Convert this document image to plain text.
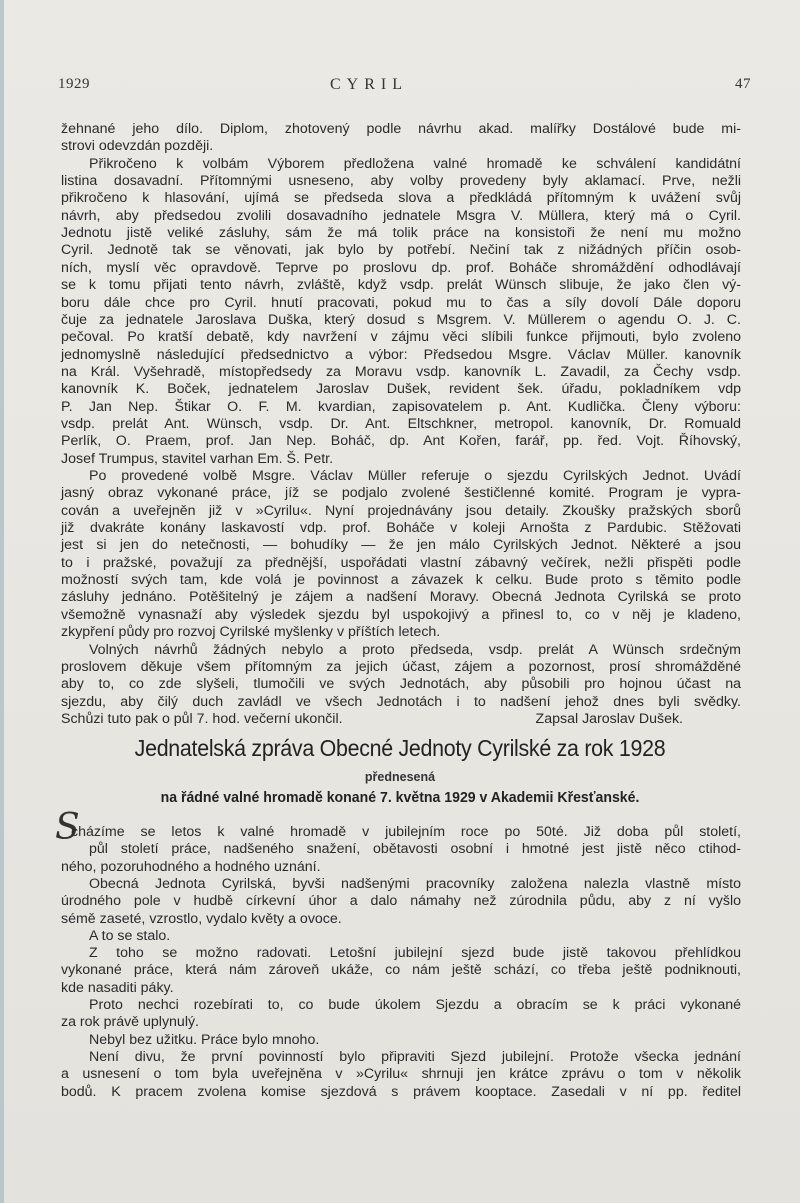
1929	CYRIL	47
žehnané jeho dílo. Diplom, zhotovený podle návrhu akad. malířky Dostálové bude mi-
strovi odevzdán později.
Přikročeno k volbám Výborem předložena valné hromadě ke schválení kandidátní
listina dosavadní. Přítomnými usneseno, aby volby provedeny byly aklamací. Prve, nežli
přikročeno k hlasování, ujímá se předseda slova a předkládá přítomným k uvážení svůj
návrh, aby předsedou zvolili dosavadního jednatele Msgra V. Müllera, který má o Cyril.
Jednotu jistě veliké zásluhy, sám že má tolik práce na konsistoři že není mu možno
Cyril. Jednotě tak se věnovati, jak bylo by potřebí. Nečiní tak z nižádných příčin osob-
ních, myslí věc opravdově. Teprve po proslovu dp. prof. Boháče shromáždění odhodlávají
se k tomu přijati tento návrh, zvláště, když vsdp. prelát Wünsch slibuje, že jako člen vý-
boru dále chce pro Cyril. hnutí pracovati, pokud mu to čas a síly dovolí Dále doporu
čuje za jednatele Jaroslava Duška, který dosud s Msgrem. V. Müllerem o agendu O. J. C.
pečoval. Po kratší debatě, kdy navržení v zájmu věci slíbili funkce přijmouti, bylo zvoleno
jednomyslně následující předsednictvo a výbor: Předsedou Msgre. Václav Müller. kanovník
na Král. Vyšehradě, místopředsedy za Moravu vsdp. kanovník L. Zavadil, za Čechy vsdp.
kanovník K. Boček, jednatelem Jaroslav Dušek, revident šek. úřadu, pokladníkem vdp
P. Jan Nep. Štikar O. F. M. kvardian, zapisovatelem p. Ant. Kudlička. Členy výboru:
vsdp. prelát Ant. Wünsch, vsdp. Dr. Ant. Eltschkner, metropol. kanovník, Dr. Romuald
Perlík, O. Praem, prof. Jan Nep. Boháč, dp. Ant Kořen, farář, pp. řed. Vojt. Říhovský,
Josef Trumpus, stavitel varhan Em. Š. Petr.
Po provedené volbě Msgre. Václav Müller referuje o sjezdu Cyrilských Jednot. Uvádí
jasný obraz vykonané práce, jíž se podjalo zvolené šestičlenné komité. Program je vypra-
cován a uveřejněn již v »Cyrilu«. Nyní projednávány jsou detaily. Zkoušky pražských sborů
již dvakráte konány laskavostí vdp. prof. Boháče v koleji Arnošta z Pardubic. Stěžovati
jest si jen do netečnosti, — bohudíky — že jen málo Cyrilských Jednot. Některé a jsou
to i pražské, považují za přednější, uspořádati vlastní zábavný večírek, nežli přispěti podle
možností svých tam, kde volá je povinnost a závazek k celku. Bude proto s těmito podle
zásluhy jednáno. Potěšitelný je zájem a nadšení Moravy. Obecná Jednota Cyrilská se proto
všemožně vynasnaží aby výsledek sjezdu byl uspokojivý a přinesl to, co v něj je kladeno,
zkypření půdy pro rozvoj Cyrilské myšlenky v příštích letech.
Volných návrhů žádných nebylo a proto předseda, vsdp. prelát A Wünsch srdečným
proslovem děkuje všem přítomným za jejich účast, zájem a pozornost, prosí shromážděné
aby to, co zde slyšeli, tlumočili ve svých Jednotách, aby působili pro hojnou účast na
sjezdu, aby čilý duch zavládl ve všech Jednotách i to nadšení jehož dnes byli svědky.
Schůzi tuto pak o půl 7. hod. večerní ukončil.	Zapsal Jaroslav Dušek.
Jednatelská zpráva Obecné Jednoty Cyrilské za rok 1928
přednesená
na řádné valné hromadě konané 7. května 1929 v Akademii Křesťanské.
S
cházíme se letos k valné hromadě v jubilejním roce po 50té. Již doba půl století,
půl století práce, nadšeného snažení, obětavosti osobní i hmotné jest jistě něco ctihod-
ného, pozoruhodného a hodného uznání.
Obecná Jednota Cyrilská, byvši nadšenými pracovníky založena nalezla vlastně místo
úrodného pole v hudbě církevní úhor a dalo námahy než zúrodnila půdu, aby z ní vyšlo
sémě zaseté, vzrostlo, vydalo květy a ovoce.
A to se stalo.
Z toho se možno radovati. Letošní jubilejní sjezd bude jistě takovou přehlídkou
vykonané práce, která nám zároveň ukáže, co nám ještě schází, co třeba ještě podniknouti,
kde nasaditi páky.
Proto nechci rozebírati to, co bude úkolem Sjezdu a obracím se k práci vykonané
za rok právě uplynulý.
Nebyl bez užitku. Práce bylo mnoho.
Není divu, že první povinností bylo připraviti Sjezd jubilejní. Protože všecka jednání
a usnesení o tom byla uveřejněna v »Cyrilu« shrnuji jen krátce zprávu o tom v několik
bodů. K pracem zvolena komise sjezdová s právem kooptace. Zasedali v ní pp. ředitel
